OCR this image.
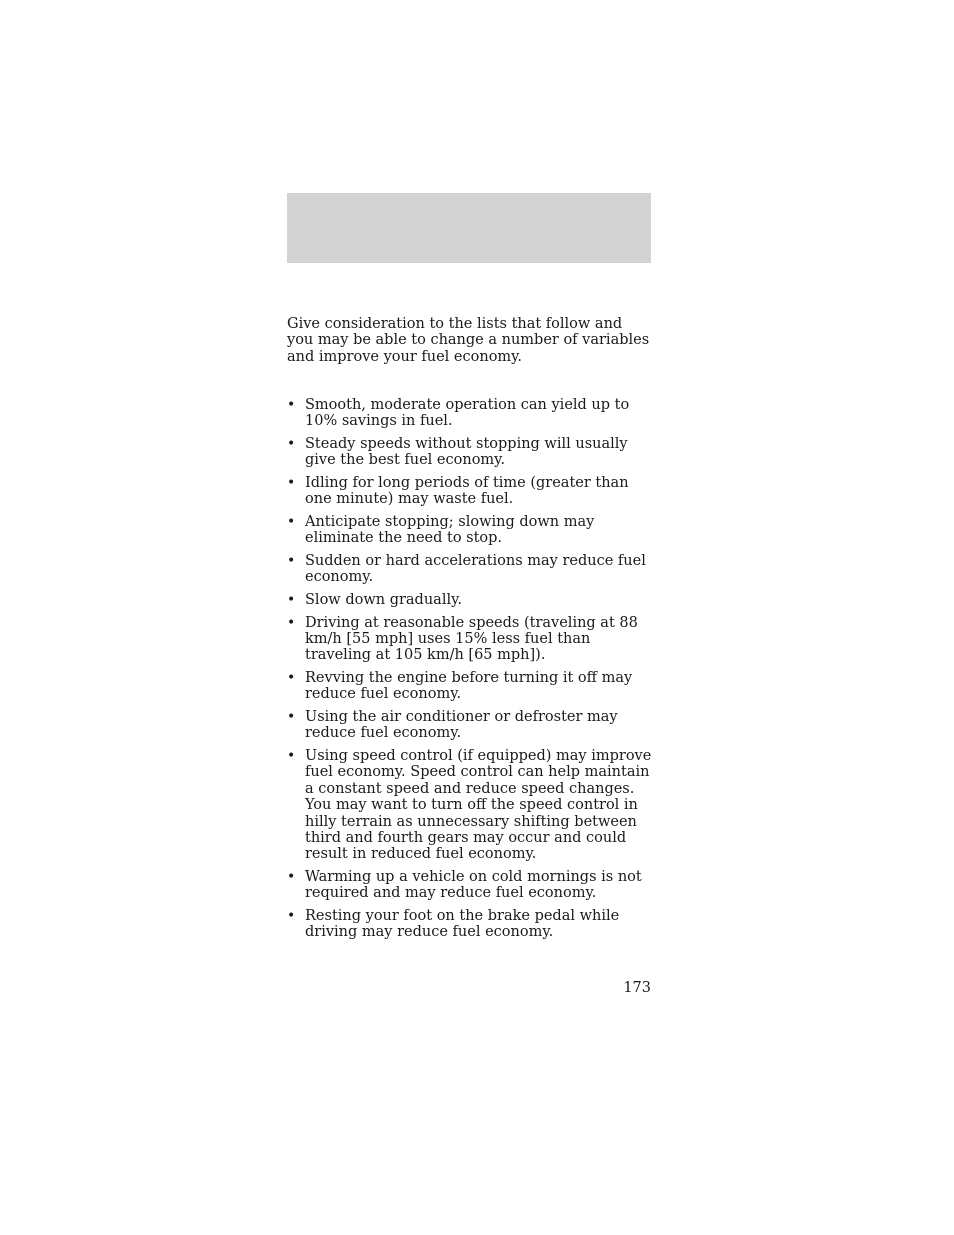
Give consideration to the lists that follow and you may be able to change a number of variables and improve your fuel economy.

• Smooth, moderate operation can yield up to 10% savings in fuel.
• Steady speeds without stopping will usually give the best fuel economy.
• Idling for long periods of time (greater than one minute) may waste fuel.
• Anticipate stopping; slowing down may eliminate the need to stop.
• Sudden or hard accelerations may reduce fuel economy.
• Slow down gradually.
• Driving at reasonable speeds (traveling at 88 km/h [55 mph] uses 15% less fuel than traveling at 105 km/h [65 mph]).
• Revving the engine before turning it off may reduce fuel economy.
• Using the air conditioner or defroster may reduce fuel economy.
• Using speed control (if equipped) may improve fuel economy. Speed control can help maintain a constant speed and reduce speed changes. You may want to turn off the speed control in hilly terrain as unnecessary shifting between third and fourth gears may occur and could result in reduced fuel economy.
• Warming up a vehicle on cold mornings is not required and may reduce fuel economy.
• Resting your foot on the brake pedal while driving may reduce fuel economy.
173
